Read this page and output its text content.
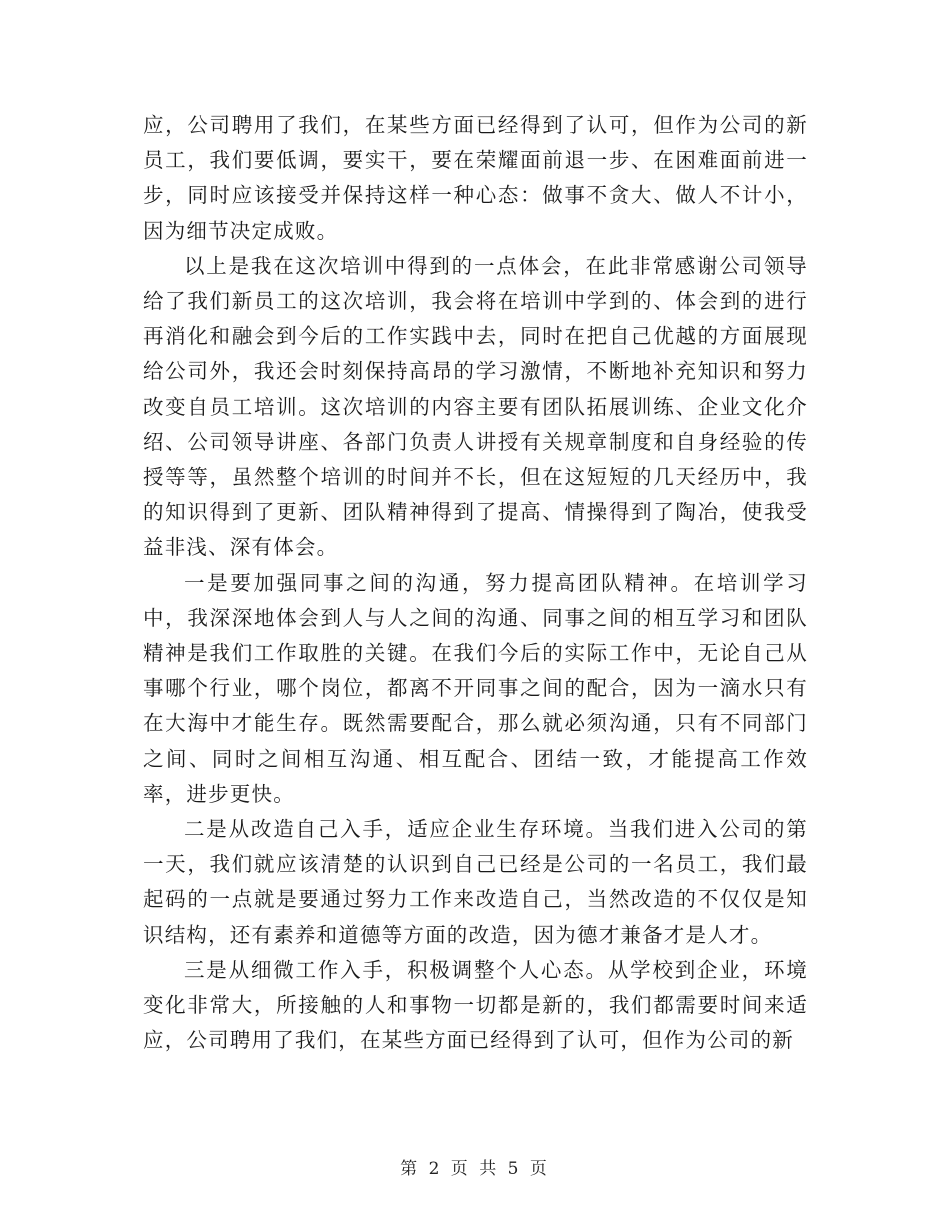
应，公司聘用了我们，在某些方面已经得到了认可，但作为公司的新员工，我们要低调，要实干，要在荣耀面前退一步、在困难面前进一步，同时应该接受并保持这样一种心态：做事不贪大、做人不计小，因为细节决定成败。

以上是我在这次培训中得到的一点体会，在此非常感谢公司领导给了我们新员工的这次培训，我会将在培训中学到的、体会到的进行再消化和融会到今后的工作实践中去，同时在把自己优越的方面展现给公司外，我还会时刻保持高昂的学习激情，不断地补充知识和努力改变自员工培训。这次培训的内容主要有团队拓展训练、企业文化介绍、公司领导讲座、各部门负责人讲授有关规章制度和自身经验的传授等等，虽然整个培训的时间并不长，但在这短短的几天经历中，我的知识得到了更新、团队精神得到了提高、情操得到了陶冶，使我受益非浅、深有体会。

一是要加强同事之间的沟通，努力提高团队精神。在培训学习中，我深深地体会到人与人之间的沟通、同事之间的相互学习和团队精神是我们工作取胜的关键。在我们今后的实际工作中，无论自己从事哪个行业，哪个岗位，都离不开同事之间的配合，因为一滴水只有在大海中才能生存。既然需要配合，那么就必须沟通，只有不同部门之间、同时之间相互沟通、相互配合、团结一致，才能提高工作效率，进步更快。

二是从改造自己入手，适应企业生存环境。当我们进入公司的第一天，我们就应该清楚的认识到自己已经是公司的一名员工，我们最起码的一点就是要通过努力工作来改造自己，当然改造的不仅仅是知识结构，还有素养和道德等方面的改造，因为德才兼备才是人才。

三是从细微工作入手，积极调整个人心态。从学校到企业，环境变化非常大，所接触的人和事物一切都是新的，我们都需要时间来适应，公司聘用了我们，在某些方面已经得到了认可，但作为公司的新

第 2 页 共 5 页
